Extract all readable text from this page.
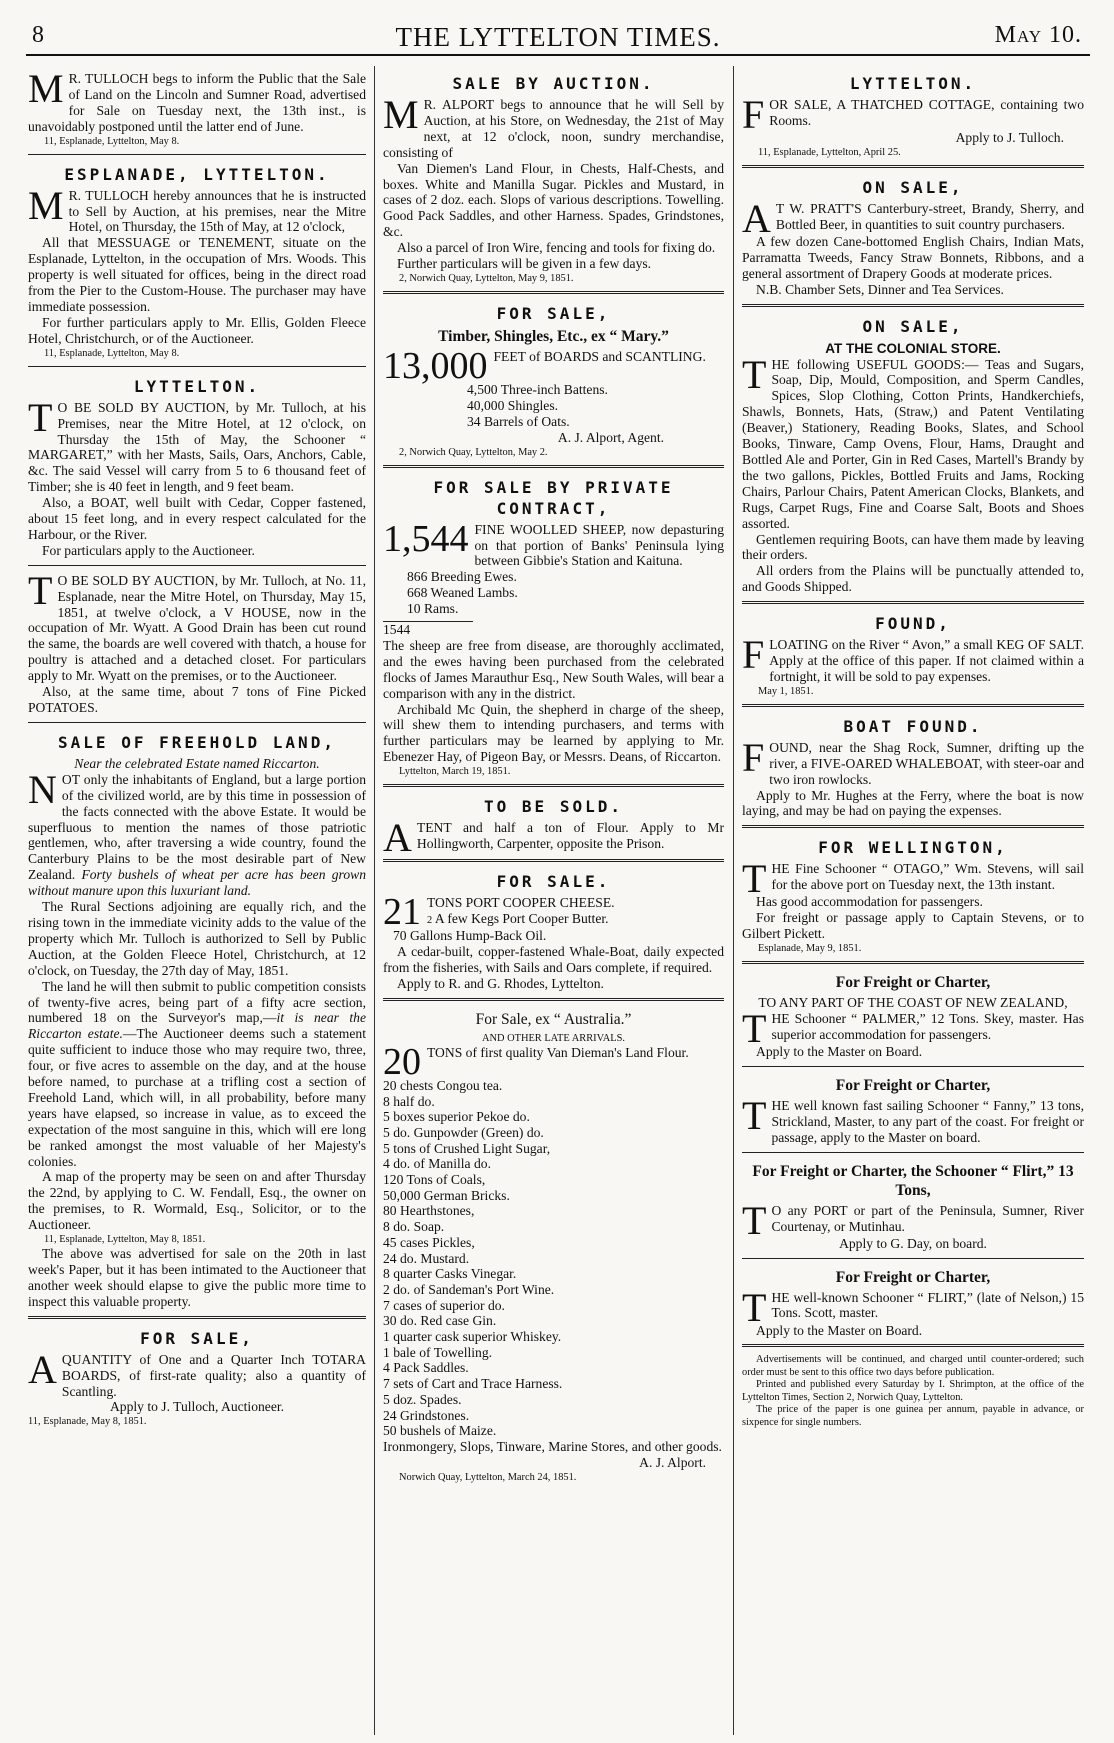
8	THE LYTTELTON TIMES.	May 10.
M R. TULLOCH begs to inform the Public that the Sale of Land on the Lincoln and Sumner Road, advertised for Sale on Tuesday next, the 13th inst., is unavoidably postponed until the latter end of June.
11, Esplanade, Lyttelton, May 8.
ESPLANADE, LYTTELTON.
M R. TULLOCH hereby announces that he is instructed to Sell by Auction, at his premises, near the Mitre Hotel, on Thursday, the 15th of May, at 12 o'clock,
All that MESSUAGE or TENEMENT, situate on the Esplanade, Lyttelton, in the occupation of Mrs. Woods. This property is well situated for offices, being in the direct road from the Pier to the Custom-House. The purchaser may have immediate possession.
For further particulars apply to Mr. Ellis, Golden Fleece Hotel, Christchurch, or of the Auctioneer.
11, Esplanade, Lyttelton, May 8.
LYTTELTON.
T O BE SOLD BY AUCTION, by Mr. Tulloch, at his Premises, near the Mitre Hotel, at 12 o'clock, on Thursday the 15th of May, the Schooner “ MARGARET,” with her Masts, Sails, Oars, Anchors, Cable, &c. The said Vessel will carry from 5 to 6 thousand feet of Timber; she is 40 feet in length, and 9 feet beam.
Also, a BOAT, well built with Cedar, Copper fastened, about 15 feet long, and in every respect calculated for the Harbour, or the River.
For particulars apply to the Auctioneer.
T O BE SOLD BY AUCTION, by Mr. Tulloch, at No. 11, Esplanade, near the Mitre Hotel, on Thursday, May 15, 1851, at twelve o'clock, a V HOUSE, now in the occupation of Mr. Wyatt. A Good Drain has been cut round the same, the boards are well covered with thatch, a house for poultry is attached and a detached closet. For particulars apply to Mr. Wyatt on the premises, or to the Auctioneer.
Also, at the same time, about 7 tons of Fine Picked POTATOES.
SALE OF FREEHOLD LAND,
Near the celebrated Estate named Riccarton.
N OT only the inhabitants of England, but a large portion of the civilized world, are by this time in possession of the facts connected with the above Estate. It would be superfluous to mention the names of those patriotic gentlemen, who, after traversing a wide country, found the Canterbury Plains to be the most desirable part of New Zealand. Forty bushels of wheat per acre has been grown without manure upon this luxuriant land.
The Rural Sections adjoining are equally rich, and the rising town in the immediate vicinity adds to the value of the property which Mr. Tulloch is authorized to Sell by Public Auction, at the Golden Fleece Hotel, Christchurch, at 12 o'clock, on Tuesday, the 27th day of May, 1851.
The land he will then submit to public competition consists of twenty-five acres, being part of a fifty acre section, numbered 18 on the Surveyor's map,—it is near the Riccarton estate.—The Auctioneer deems such a statement quite sufficient to induce those who may require two, three, four, or five acres to assemble on the day, and at the house before named, to purchase at a trifling cost a section of Freehold Land, which will, in all probability, before many years have elapsed, so increase in value, as to exceed the expectation of the most sanguine in this, which will ere long be ranked amongst the most valuable of her Majesty's colonies.
A map of the property may be seen on and after Thursday the 22nd, by applying to C. W. Fendall, Esq., the owner on the premises, to R. Wormald, Esq., Solicitor, or to the Auctioneer.
11, Esplanade, Lyttelton, May 8, 1851.
The above was advertised for sale on the 20th in last week's Paper, but it has been intimated to the Auctioneer that another week should elapse to give the public more time to inspect this valuable property.
FOR SALE,
A QUANTITY of One and a Quarter Inch TOTARA BOARDS, of first-rate quality; also a quantity of Scantling.
Apply to J. Tulloch, Auctioneer.
11, Esplanade, May 8, 1851.
SALE BY AUCTION.
M R. ALPORT begs to announce that he will Sell by Auction, at his Store, on Wednesday, the 21st of May next, at 12 o'clock, noon, sundry merchandise, consisting of
Van Diemen's Land Flour, in Chests, Half-Chests, and boxes. White and Manilla Sugar. Pickles and Mustard, in cases of 2 doz. each. Slops of various descriptions. Towelling. Good Pack Saddles, and other Harness. Spades, Grindstones, &c.
Also a parcel of Iron Wire, fencing and tools for fixing do.
Further particulars will be given in a few days.
2, Norwich Quay, Lyttelton, May 9, 1851.
FOR SALE,
Timber, Shingles, Etc., ex “ Mary.”
13,000 FEET of BOARDS and SCANTLING.
4,500 Three-inch Battens.
40,000 Shingles.
34 Barrels of Oats.
A. J. Alport, Agent.
2, Norwich Quay, Lyttelton, May 2.
FOR SALE BY PRIVATE CONTRACT,
1,544 FINE WOOLLED SHEEP, now depasturing on that portion of Banks' Peninsula lying between Gibbie's Station and Kaituna.
866 Breeding Ewes.
668 Weaned Lambs.
10 Rams.
1544
The sheep are free from disease, are thoroughly acclimated, and the ewes having been purchased from the celebrated flocks of James Marauthur Esq., New South Wales, will bear a comparison with any in the district.
Archibald Mc Quin, the shepherd in charge of the sheep, will shew them to intending purchasers, and terms with further particulars may be learned by applying to Mr. Ebenezer Hay, of Pigeon Bay, or Messrs. Deans, of Riccarton.
Lyttelton, March 19, 1851.
TO BE SOLD.
A TENT and half a ton of Flour. Apply to Mr Hollingworth, Carpenter, opposite the Prison.
FOR SALE.
21 TONS PORT COOPER CHEESE.
2 A few Kegs Port Cooper Butter.
70 Gallons Hump-Back Oil.
A cedar-built, copper-fastened Whale-Boat, daily expected from the fisheries, with Sails and Oars complete, if required.
Apply to R. and G. Rhodes, Lyttelton.
For Sale, ex “ Australia.”
AND OTHER LATE ARRIVALS.
20 TONS of first quality Van Dieman's Land Flour.
20 chests Congou tea.
8 half do.
5 boxes superior Pekoe do.
5 do. Gunpowder (Green) do.
5 tons of Crushed Light Sugar,
4 do. of Manilla do.
120 Tons of Coals,
50,000 German Bricks.
80 Hearthstones,
8 do. Soap.
45 cases Pickles,
24 do. Mustard.
8 quarter Casks Vinegar.
2 do. of Sandeman's Port Wine.
7 cases of superior do.
30 do. Red case Gin.
1 quarter cask superior Whiskey.
1 bale of Towelling.
4 Pack Saddles.
7 sets of Cart and Trace Harness.
5 doz. Spades.
24 Grindstones.
50 bushels of Maize.
Ironmongery, Slops, Tinware, Marine Stores, and other goods.
A. J. Alport.
Norwich Quay, Lyttelton, March 24, 1851.
LYTTELTON.
F OR SALE, A THATCHED COTTAGE, containing two Rooms.
Apply to J. Tulloch.
11, Esplanade, Lyttelton, April 25.
ON SALE,
A T W. PRATT'S Canterbury-street, Brandy, Sherry, and Bottled Beer, in quantities to suit country purchasers.
A few dozen Cane-bottomed English Chairs, Indian Mats, Parramatta Tweeds, Fancy Straw Bonnets, Ribbons, and a general assortment of Drapery Goods at moderate prices.
N.B. Chamber Sets, Dinner and Tea Services.
ON SALE,
AT THE COLONIAL STORE.
T HE following USEFUL GOODS:— Teas and Sugars, Soap, Dip, Mould, Composition, and Sperm Candles, Spices, Slop Clothing, Cotton Prints, Handkerchiefs, Shawls, Bonnets, Hats, (Straw,) and Patent Ventilating (Beaver,) Stationery, Reading Books, Slates, and School Books, Tinware, Camp Ovens, Flour, Hams, Draught and Bottled Ale and Porter, Gin in Red Cases, Martell's Brandy by the two gallons, Pickles, Bottled Fruits and Jams, Rocking Chairs, Parlour Chairs, Patent American Clocks, Blankets, and Rugs, Carpet Rugs, Fine and Coarse Salt, Boots and Shoes assorted.
Gentlemen requiring Boots, can have them made by leaving their orders.
All orders from the Plains will be punctually attended to, and Goods Shipped.
FOUND,
F LOATING on the River “ Avon,” a small KEG OF SALT. Apply at the office of this paper. If not claimed within a fortnight, it will be sold to pay expenses.
May 1, 1851.
BOAT FOUND.
F OUND, near the Shag Rock, Sumner, drifting up the river, a FIVE-OARED WHALEBOAT, with steer-oar and two iron rowlocks.
Apply to Mr. Hughes at the Ferry, where the boat is now laying, and may be had on paying the expenses.
FOR WELLINGTON,
T HE Fine Schooner “ OTAGO,” Wm. Stevens, will sail for the above port on Tuesday next, the 13th instant.
Has good accommodation for passengers.
For freight or passage apply to Captain Stevens, or to Gilbert Pickett.
Esplanade, May 9, 1851.
For Freight or Charter,
TO ANY PART OF THE COAST OF NEW ZEALAND,
T HE Schooner “ PALMER,” 12 Tons. Skey, master. Has superior accommodation for passengers.
Apply to the Master on Board.
For Freight or Charter,
T HE well known fast sailing Schooner “ Fanny,” 13 tons, Strickland, Master, to any part of the coast. For freight or passage, apply to the Master on board.
For Freight or Charter, the Schooner “ Flirt,” 13 Tons,
T O any PORT or part of the Peninsula, Sumner, River Courtenay, or Mutinhau.
Apply to G. Day, on board.
For Freight or Charter,
T HE well-known Schooner “ FLIRT,” (late of Nelson,) 15 Tons. Scott, master.
Apply to the Master on Board.
Advertisements will be continued, and charged until counter-ordered; such order must be sent to this office two days before publication.
Printed and published every Saturday by I. Shrimpton, at the office of the Lyttelton Times, Section 2, Norwich Quay, Lyttelton.
The price of the paper is one guinea per annum, payable in advance, or sixpence for single numbers.
